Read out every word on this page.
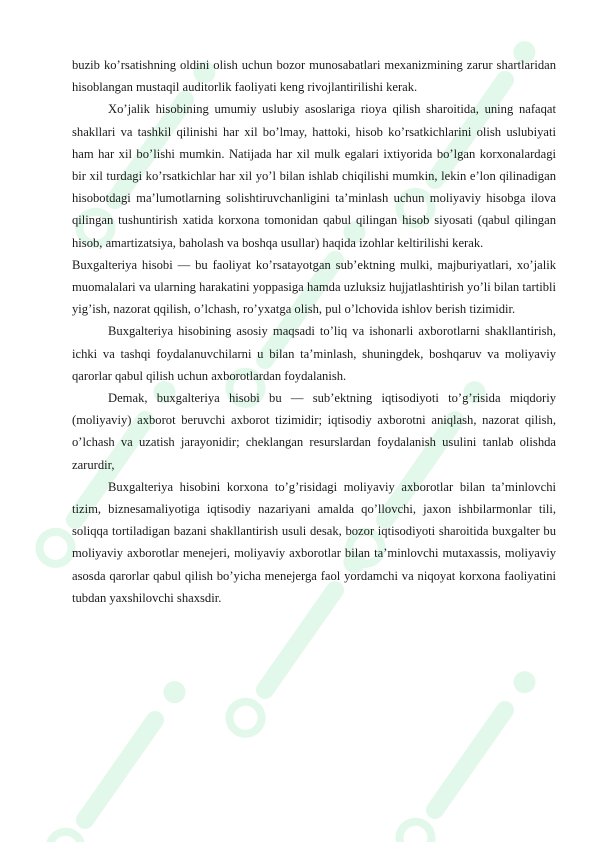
buzib ko’rsatishning oldini olish uchun bozor munosabatlari mexanizmining zarur shartlaridan hisoblangan mustaqil auditorlik faoliyati keng rivojlantirilishi kerak.

Xo’jalik hisobining umumiy uslubiy asoslariga rioya qilish sharoitida, uning nafaqat shakllari va tashkil qilinishi har xil bo’lmay, hattoki, hisob ko’rsatkichlarini olish uslubiyati ham har xil bo’lishi mumkin. Natijada har xil mulk egalari ixtiyorida bo’lgan korxonalardagi bir xil turdagi ko’rsatkichlar har xil yo’l bilan ishlab chiqilishi mumkin, lekin e’lon qilinadigan hisobotdagi ma’lumotlarning solishtiruvchanligini ta’minlash uchun moliyaviy hisobga ilova qilingan tushuntirish xatida korxona tomonidan qabul qilingan hisob siyosati (qabul qilingan hisob, amartizatsiya, baholash va boshqa usullar) haqida izohlar keltirilishi kerak.

Buxgalteriya hisobi — bu faoliyat ko’rsatayotgan sub’ektning mulki, majburiyatlari, xo’jalik muomalalari va ularning harakatini yoppasiga hamda uzluksiz hujjatlashtirish yo’li bilan tartibli yig’ish, nazorat qqilish, o’lchash, ro’yxatga olish, pul o’lchovida ishlov berish tizimidir.

Buxgalteriya hisobining asosiy maqsadi to’liq va ishonarli axborotlarni shakllantirish, ichki va tashqi foydalanuvchilarni u bilan ta’minlash, shuningdek, boshqaruv va moliyaviy qarorlar qabul qilish uchun axborotlardan foydalanish.

Demak, buxgalteriya hisobi bu — sub’ektning iqtisodiyoti to’g’risida miqdoriy (moliyaviy) axborot beruvchi axborot tizimidir; iqtisodiy axborotni aniqlash, nazorat qilish, o’lchash va uzatish jarayonidir; cheklangan resurslardan foydalanish usulini tanlab olishda zarurdir,

Buxgalteriya hisobini korxona to’g’risidagi moliyaviy axborotlar bilan ta’minlovchi tizim, biznesamaliyotiga iqtisodiy nazariyani amalda qo’llovchi, jaxon ishbilarmonlar tili, soliqqa tortiladigan bazani shakllantirish usuli desak, bozor iqtisodiyoti sharoitida buxgalter bu moliyaviy axborotlar menejeri, moliyaviy axborotlar bilan ta’minlovchi mutaxassis, moliyaviy asosda qarorlar qabul qilish bo’yicha menejerga faol yordamchi va niqoyat korxona faoliyatini tubdan yaxshilovchi shaxsdir.
